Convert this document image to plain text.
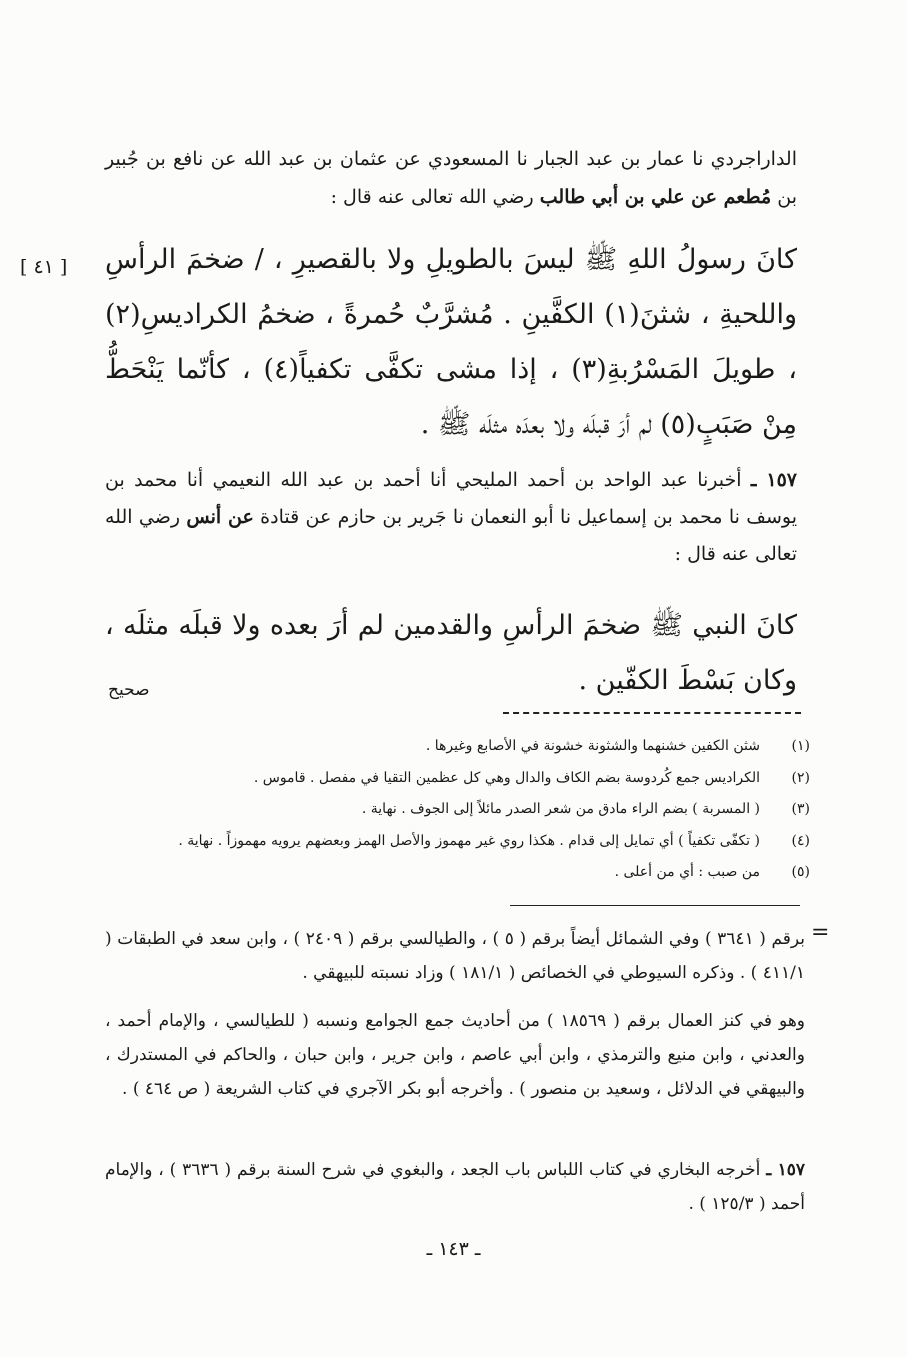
الداراجردي نا عمار بن عبد الجبار نا المسعودي عن عثمان بن عبد الله عن نافع بن جُبير بن مُطعم عن علي بن أبي طالب رضي الله تعالى عنه قال :

[ ٤١ ] كانَ رسولُ اللهِ ﷺ ليسَ بالطويلِ ولا بالقصيرِ ، / ضخمَ الرأسِ واللحيةِ ، شثنَ(١) الكفَّينِ . مُشرَّبٌ حُمرةً ، ضخمُ الكراديسِ(٢) ، طويلَ المَسْرُبةِ(٣) ، إذا مشى تكفَّى تكفياً(٤) ، كأنّما يَنْحَطُّ مِنْ صَبَبٍ(٥) لم أرَ قبلَه ولا بعدَه مثلَه ﷺ .

١٥٧ ـ أخبرنا عبد الواحد بن أحمد المليحي أنا أحمد بن عبد الله النعيمي أنا محمد بن يوسف نا محمد بن إسماعيل نا أبو النعمان نا جَرير بن حازم عن قتادة عن أنس رضي الله تعالى عنه قال :

كانَ النبي ﷺ ضخمَ الرأسِ والقدمين لم أرَ بعده ولا قبلَه مثلَه ، وكان بَسْطَ الكفّين .

صحيح
(١)
شثن الكفين خشنهما والشثونة خشونة في الأصابع وغيرها .
(٢)
الكراديس جمع كُردوسة بضم الكاف والدال وهي كل عظمين التقيا في مفصل . قاموس .
(٣)
( المسربة ) بضم الراء مادق من شعر الصدر مائلاً إلى الجوف . نهاية .
(٤)
( تكفّى تكفياً ) أي تمايل إلى قدام . هكذا روي غير مهموز والأصل الهمز وبعضهم يرويه مهموزاً . نهاية .
(٥)
من صبب : أي من أعلى .
=

برقم ( ٣٦٤١ ) وفي الشمائل أيضاً برقم ( ٥ ) ، والطيالسي برقم ( ٢٤٠٩ ) ، وابن سعد في الطبقات ( ٤١١/١ ) . وذكره السيوطي في الخصائص ( ١٨١/١ ) وزاد نسبته للبيهقي .

وهو في كنز العمال برقم ( ١٨٥٦٩ ) من أحاديث جمع الجوامع ونسبه ( للطيالسي ، والإمام أحمد ، والعدني ، وابن منيع والترمذي ، وابن أبي عاصم ، وابن جرير ، وابن حبان ، والحاكم في المستدرك ، والبيهقي في الدلائل ، وسعيد بن منصور ) . وأخرجه أبو بكر الآجري في كتاب الشريعة ( ص ٤٦٤ ) .

١٥٧ ـ أخرجه البخاري في كتاب اللباس باب الجعد ، والبغوي في شرح السنة برقم ( ٣٦٣٦ ) ، والإمام أحمد ( ١٢٥/٣ ) .

ـ ١٤٣ ـ
